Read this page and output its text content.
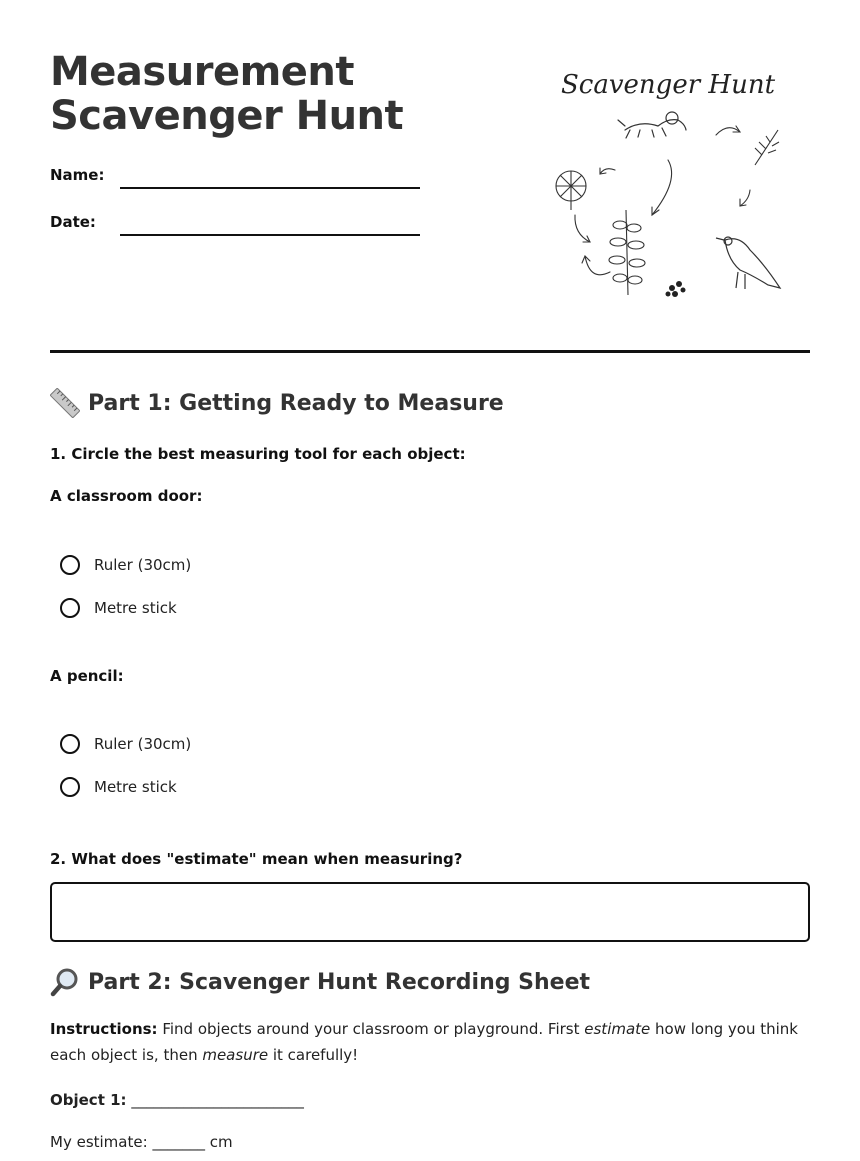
Measurement
Scavenger Hunt
Name:
Date:
Scavenger Hunt
Part 1: Getting Ready to Measure
1. Circle the best measuring tool for each object:
A classroom door:
Ruler (30cm)
Metre stick
A pencil:
Ruler (30cm)
Metre stick
2. What does "estimate" mean when measuring?
Part 2: Scavenger Hunt Recording Sheet

Instructions: Find objects around your classroom or playground. First estimate how long you think each object is, then measure it carefully!

Object 1: _______________________
My estimate: _______ cm
